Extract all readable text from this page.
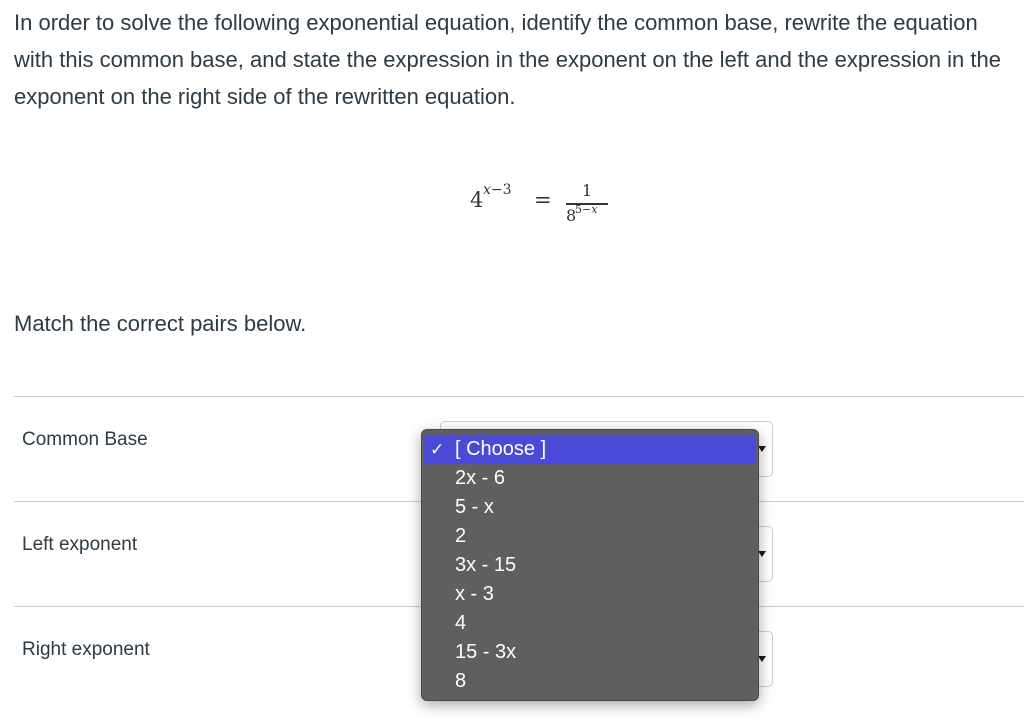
In order to solve the following exponential equation, identify the common base, rewrite the equation with this common base, and state the expression in the exponent on the left and the expression in the exponent on the right side of the rewritten equation.
4 x−3 = 1
8
5−x
Match the correct pairs below.
Common Base
Left exponent
Right exponent
✓ [ Choose ]
2x - 6
5 - x
2
3x - 15
x - 3
4
15 - 3x
8
